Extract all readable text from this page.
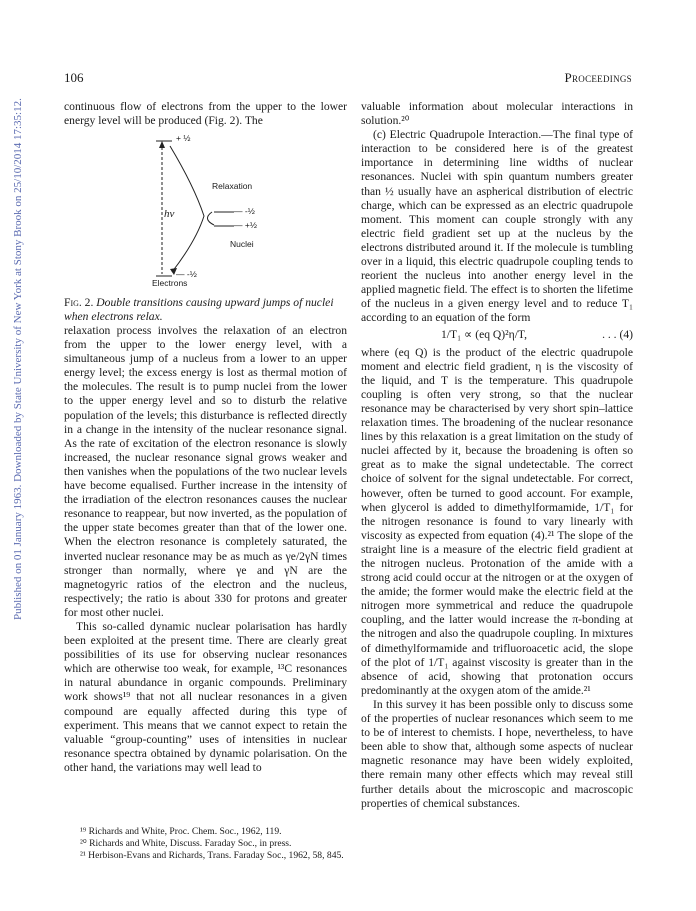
Published on 01 January 1963. Downloaded by State University of New York at Stony Brook on 25/10/2014 17:35:12.
106	Proceedings

continuous flow of electrons from the upper to the lower energy level will be produced (Fig. 2). The

+ ½
Relaxation
hν	— -½
— +½
Nuclei
— -½
Electrons
Fig. 2. Double transitions causing upward jumps of nuclei when electrons relax.

relaxation process involves the relaxation of an electron from the upper to the lower energy level, with a simultaneous jump of a nucleus from a lower to an upper energy level; the excess energy is lost as thermal motion of the molecules. The result is to pump nuclei from the lower to the upper energy level and so to disturb the relative population of the levels; this disturbance is reflected directly in a change in the intensity of the nuclear resonance signal. As the rate of excitation of the electron resonance is slowly increased, the nuclear resonance signal grows weaker and then vanishes when the populations of the two nuclear levels have become equalised. Further increase in the intensity of the irradiation of the electron resonances causes the nuclear resonance to reappear, but now inverted, as the population of the upper state becomes greater than that of the lower one. When the electron resonance is completely saturated, the inverted nuclear resonance may be as much as γe/2γN times stronger than normally, where γe and γN are the magnetogyric ratios of the electron and the nucleus, respectively; the ratio is about 330 for protons and greater for most other nuclei.

This so-called dynamic nuclear polarisation has hardly been exploited at the present time. There are clearly great possibilities of its use for observing nuclear resonances which are otherwise too weak, for example, ¹³C resonances in natural abundance in organic compounds. Preliminary work shows¹⁹ that not all nuclear resonances in a given compound are equally affected during this type of experiment. This means that we cannot expect to retain the valuable “group-counting” uses of intensities in nuclear resonance spectra obtained by dynamic polarisation. On the other hand, the variations may well lead to

valuable information about molecular interactions in solution.²⁰

(c) Electric Quadrupole Interaction.—The final type of interaction to be considered here is of the greatest importance in determining line widths of nuclear resonances. Nuclei with spin quantum numbers greater than ½ usually have an aspherical distribution of electric charge, which can be expressed as an electric quadrupole moment. This moment can couple strongly with any electric field gradient set up at the nucleus by the electrons distributed around it. If the molecule is tumbling over in a liquid, this electric quadrupole coupling tends to reorient the nucleus into another energy level in the applied magnetic field. The effect is to shorten the lifetime of the nucleus in a given energy level and to reduce T₁ according to an equation of the form

1/T₁ ∝ (eq Q)²η/T,	. . . (4)

where (eq Q) is the product of the electric quadrupole moment and electric field gradient, η is the viscosity of the liquid, and T is the temperature. This quadrupole coupling is often very strong, so that the nuclear resonance may be characterised by very short spin–lattice relaxation times. The broadening of the nuclear resonance lines by this relaxation is a great limitation on the study of nuclei affected by it, because the broadening is often so great as to make the signal undetectable. The correct choice of solvent for the signal undetectable. For correct, however, often be turned to good account. For example, when glycerol is added to dimethylformamide, 1/T₁ for the nitrogen resonance is found to vary linearly with viscosity as expected from equation (4).²¹ The slope of the straight line is a measure of the electric field gradient at the nitrogen nucleus. Protonation of the amide with a strong acid could occur at the nitrogen or at the oxygen of the amide; the former would make the electric field at the nitrogen more symmetrical and reduce the quadrupole coupling, and the latter would increase the π-bonding at the nitrogen and also the quadrupole coupling. In mixtures of dimethylformamide and trifluoroacetic acid, the slope of the plot of 1/T₁ against viscosity is greater than in the absence of acid, showing that protonation occurs predominantly at the oxygen atom of the amide.²¹

In this survey it has been possible only to discuss some of the properties of nuclear resonances which seem to me to be of interest to chemists. I hope, nevertheless, to have been able to show that, although some aspects of nuclear magnetic resonance may have been widely exploited, there remain many other effects which may reveal still further details about the microscopic and macroscopic properties of chemical substances.

¹⁹ Richards and White, Proc. Chem. Soc., 1962, 119.
²⁰ Richards and White, Discuss. Faraday Soc., in press.
²¹ Herbison-Evans and Richards, Trans. Faraday Soc., 1962, 58, 845.
